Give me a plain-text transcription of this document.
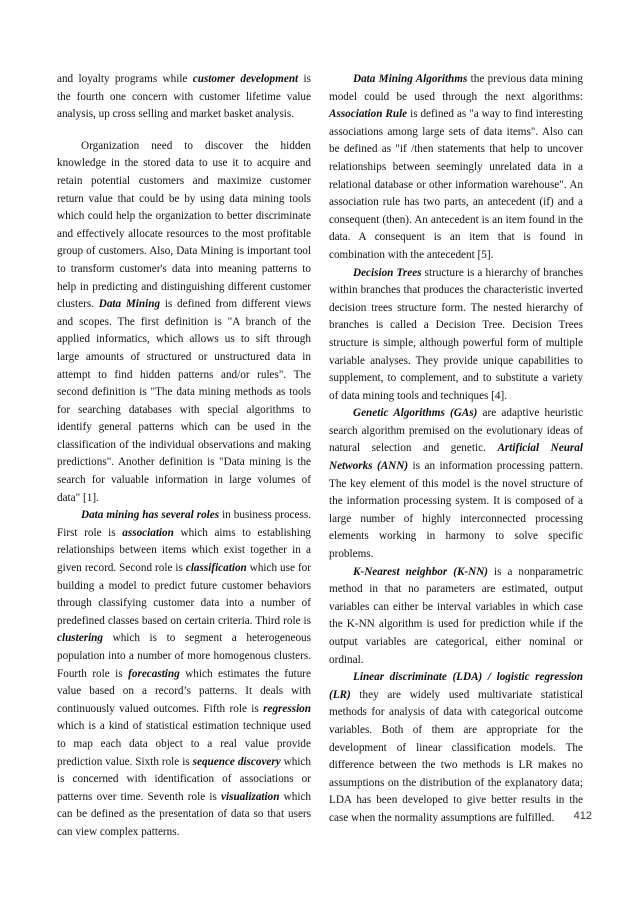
and loyalty programs while customer development is the fourth one concern with customer lifetime value analysis, up cross selling and market basket analysis.

Organization need to discover the hidden knowledge in the stored data to use it to acquire and retain potential customers and maximize customer return value that could be by using data mining tools which could help the organization to better discriminate and effectively allocate resources to the most profitable group of customers. Also, Data Mining is important tool to transform customer's data into meaning patterns to help in predicting and distinguishing different customer clusters. Data Mining is defined from different views and scopes. The first definition is "A branch of the applied informatics, which allows us to sift through large amounts of structured or unstructured data in attempt to find hidden patterns and/or rules". The second definition is "The data mining methods as tools for searching databases with special algorithms to identify general patterns which can be used in the classification of the individual observations and making predictions". Another definition is "Data mining is the search for valuable information in large volumes of data" [1].

Data mining has several roles in business process. First role is association which aims to establishing relationships between items which exist together in a given record. Second role is classification which use for building a model to predict future customer behaviors through classifying customer data into a number of predefined classes based on certain criteria. Third role is clustering which is to segment a heterogeneous population into a number of more homogenous clusters. Fourth role is forecasting which estimates the future value based on a record’s patterns. It deals with continuously valued outcomes. Fifth role is regression which is a kind of statistical estimation technique used to map each data object to a real value provide prediction value. Sixth role is sequence discovery which is concerned with identification of associations or patterns over time. Seventh role is visualization which can be defined as the presentation of data so that users can view complex patterns.

Data Mining Algorithms the previous data mining model could be used through the next algorithms: Association Rule is defined as "a way to find interesting associations among large sets of data items". Also can be defined as "if /then statements that help to uncover relationships between seemingly unrelated data in a relational database or other information warehouse". An association rule has two parts, an antecedent (if) and a consequent (then). An antecedent is an item found in the data. A consequent is an item that is found in combination with the antecedent [5].

Decision Trees structure is a hierarchy of branches within branches that produces the characteristic inverted decision trees structure form. The nested hierarchy of branches is called a Decision Tree. Decision Trees structure is simple, although powerful form of multiple variable analyses. They provide unique capabilities to supplement, to complement, and to substitute a variety of data mining tools and techniques [4].

Genetic Algorithms (GAs) are adaptive heuristic search algorithm premised on the evolutionary ideas of natural selection and genetic. Artificial Neural Networks (ANN) is an information processing pattern. The key element of this model is the novel structure of the information processing system. It is composed of a large number of highly interconnected processing elements working in harmony to solve specific problems.

K-Nearest neighbor (K-NN) is a nonparametric method in that no parameters are estimated, output variables can either be interval variables in which case the K-NN algorithm is used for prediction while if the output variables are categorical, either nominal or ordinal.

Linear discriminate (LDA) / logistic regression (LR) they are widely used multivariate statistical methods for analysis of data with categorical outcome variables. Both of them are appropriate for the development of linear classification models. The difference between the two methods is LR makes no assumptions on the distribution of the explanatory data; LDA has been developed to give better results in the case when the normality assumptions are fulfilled.	412
